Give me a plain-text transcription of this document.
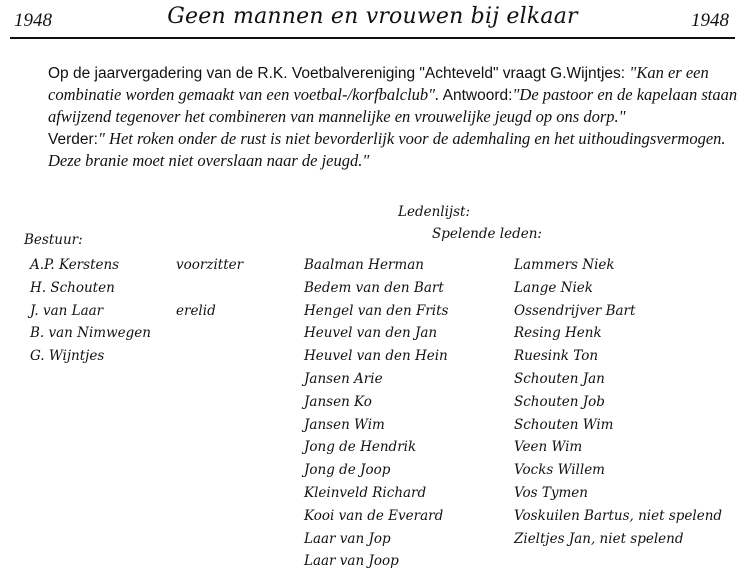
1948	Geen mannen en vrouwen bij elkaar	1948

Op de jaarvergadering van de R.K. Voetbalvereniging "Achteveld" vraagt G.Wijntjes: "Kan er een combinatie worden gemaakt van een voetbal-/korfbalclub". Antwoord:"De pastoor en de kapelaan staan afwijzend tegenover het combineren van mannelijke en vrouwelijke jeugd op ons dorp."

Verder:" Het roken onder de rust is niet bevorderlijk voor de ademhaling en het uithoudingsvermogen. Deze branie moet niet overslaan naar de jeugd."

Ledenlijst:
Spelende leden:
Bestuur:
A.P. Kerstens
H. Schouten
J. van Laar
B. van Nimwegen
G. Wijntjes
voorzitter
erelid
Baalman Herman
Bedem van den Bart
Hengel van den Frits
Heuvel van den Jan
Heuvel van den Hein
Jansen Arie
Jansen Ko
Jansen Wim
Jong de Hendrik
Jong de Joop
Kleinveld Richard
Kooi van de Everard
Laar van Jop
Laar van Joop
Lammers Niek
Lange Niek
Ossendrijver Bart
Resing Henk
Ruesink Ton
Schouten Jan
Schouten Job
Schouten Wim
Veen Wim
Vocks Willem
Vos Tymen
Voskuilen Bartus, niet spelend
Zieltjes Jan, niet spelend
